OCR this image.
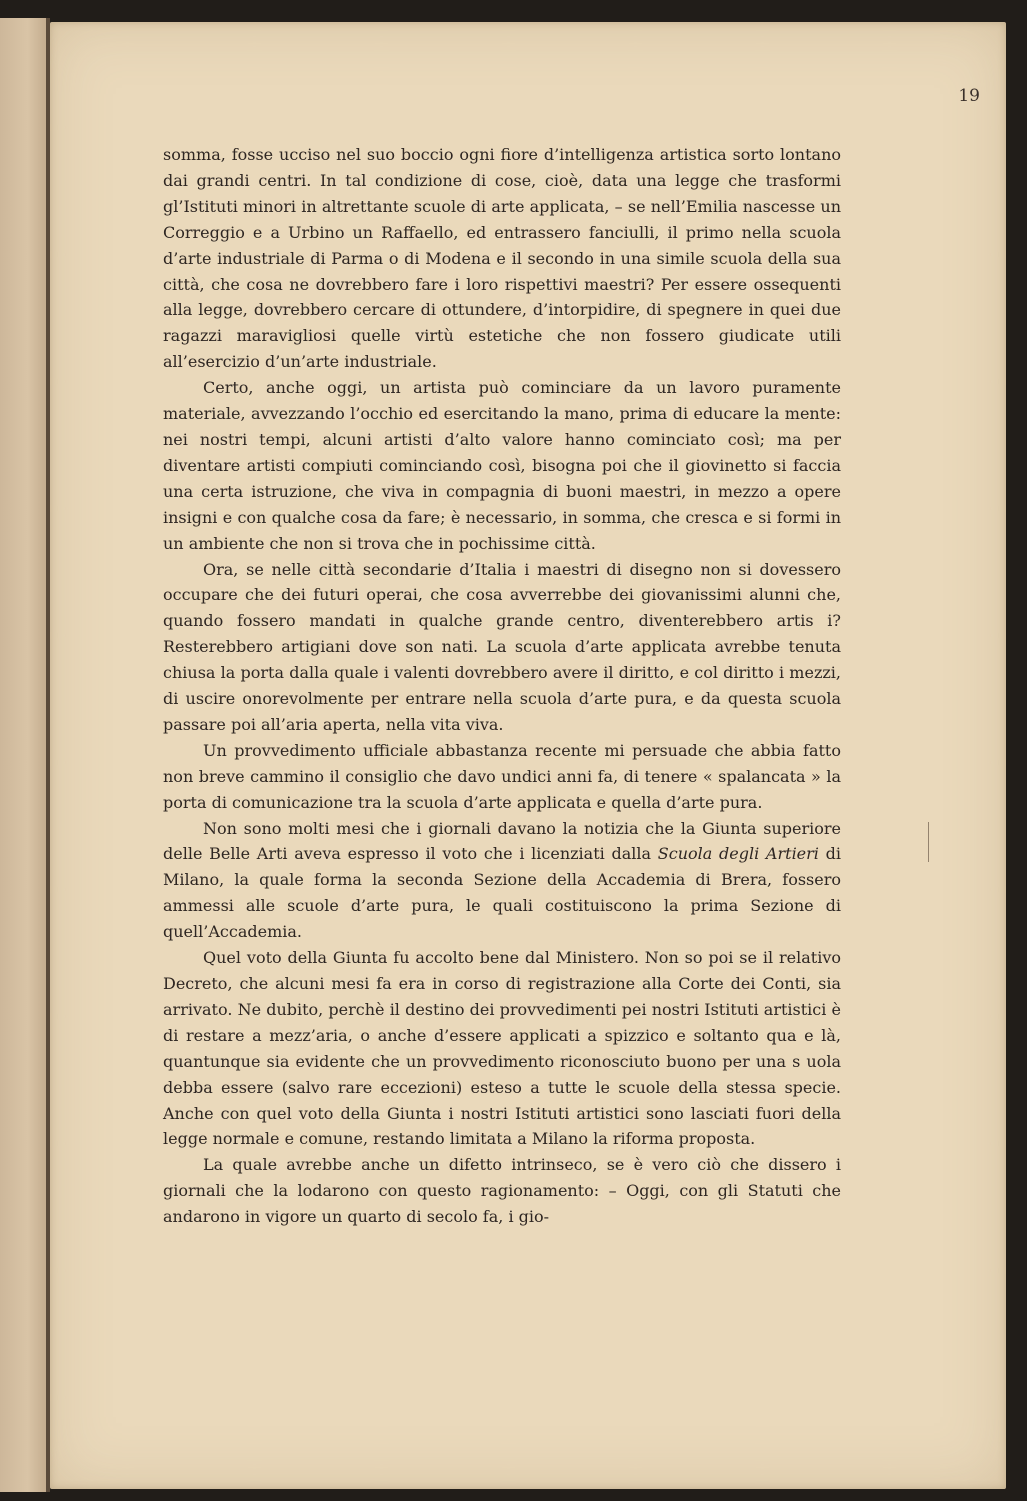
19

somma, fosse ucciso nel suo boccio ogni fiore d’intelligenza artistica sorto lontano dai grandi centri. In tal condizione di cose, cioè, data una legge che trasformi gl’Istituti minori in altrettante scuole di arte applicata, – se nell’Emilia nascesse un Correggio e a Urbino un Raffaello, ed entrassero fanciulli, il primo nella scuola d’arte industriale di Parma o di Modena e il secondo in una simile scuola della sua città, che cosa ne dovrebbero fare i loro rispettivi maestri? Per essere ossequenti alla legge, dovrebbero cercare di ottundere, d’intorpidire, di spegnere in quei due ragazzi maravigliosi quelle virtù estetiche che non fossero giudicate utili all’esercizio d’un’arte industriale.

Certo, anche oggi, un artista può cominciare da un lavoro puramente materiale, avvezzando l’occhio ed esercitando la mano, prima di educare la mente: nei nostri tempi, alcuni artisti d’alto valore hanno cominciato così; ma per diventare artisti compiuti cominciando così, bisogna poi che il giovinetto si faccia una certa istruzione, che viva in compagnia di buoni maestri, in mezzo a opere insigni e con qualche cosa da fare; è necessario, in somma, che cresca e si formi in un ambiente che non si trova che in pochissime città.

Ora, se nelle città secondarie d’Italia i maestri di disegno non si dovessero occupare che dei futuri operai, che cosa avverrebbe dei giovanissimi alunni che, quando fossero mandati in qualche grande centro, diventerebbero artis i? Resterebbero artigiani dove son nati. La scuola d’arte applicata avrebbe tenuta chiusa la porta dalla quale i valenti dovrebbero avere il diritto, e col diritto i mezzi, di uscire onorevolmente per entrare nella scuola d’arte pura, e da questa scuola passare poi all’aria aperta, nella vita viva.

Un provvedimento ufficiale abbastanza recente mi persuade che abbia fatto non breve cammino il consiglio che davo undici anni fa, di tenere « spalancata » la porta di comunicazione tra la scuola d’arte applicata e quella d’arte pura.

Non sono molti mesi che i giornali davano la notizia che la Giunta superiore delle Belle Arti aveva espresso il voto che i licenziati dalla Scuola degli Artieri di Milano, la quale forma la seconda Sezione della Accademia di Brera, fossero ammessi alle scuole d’arte pura, le quali costituiscono la prima Sezione di quell’Accademia.

Quel voto della Giunta fu accolto bene dal Ministero. Non so poi se il relativo Decreto, che alcuni mesi fa era in corso di registrazione alla Corte dei Conti, sia arrivato. Ne dubito, perchè il destino dei provvedimenti pei nostri Istituti artistici è di restare a mezz’aria, o anche d’essere applicati a spizzico e soltanto qua e là, quantunque sia evidente che un provvedimento riconosciuto buono per una s uola debba essere (salvo rare eccezioni) esteso a tutte le scuole della stessa specie. Anche con quel voto della Giunta i nostri Istituti artistici sono lasciati fuori della legge normale e comune, restando limitata a Milano la riforma proposta.

La quale avrebbe anche un difetto intrinseco, se è vero ciò che dissero i giornali che la lodarono con questo ragionamento: – Oggi, con gli Statuti che andarono in vigore un quarto di secolo fa, i gio-
